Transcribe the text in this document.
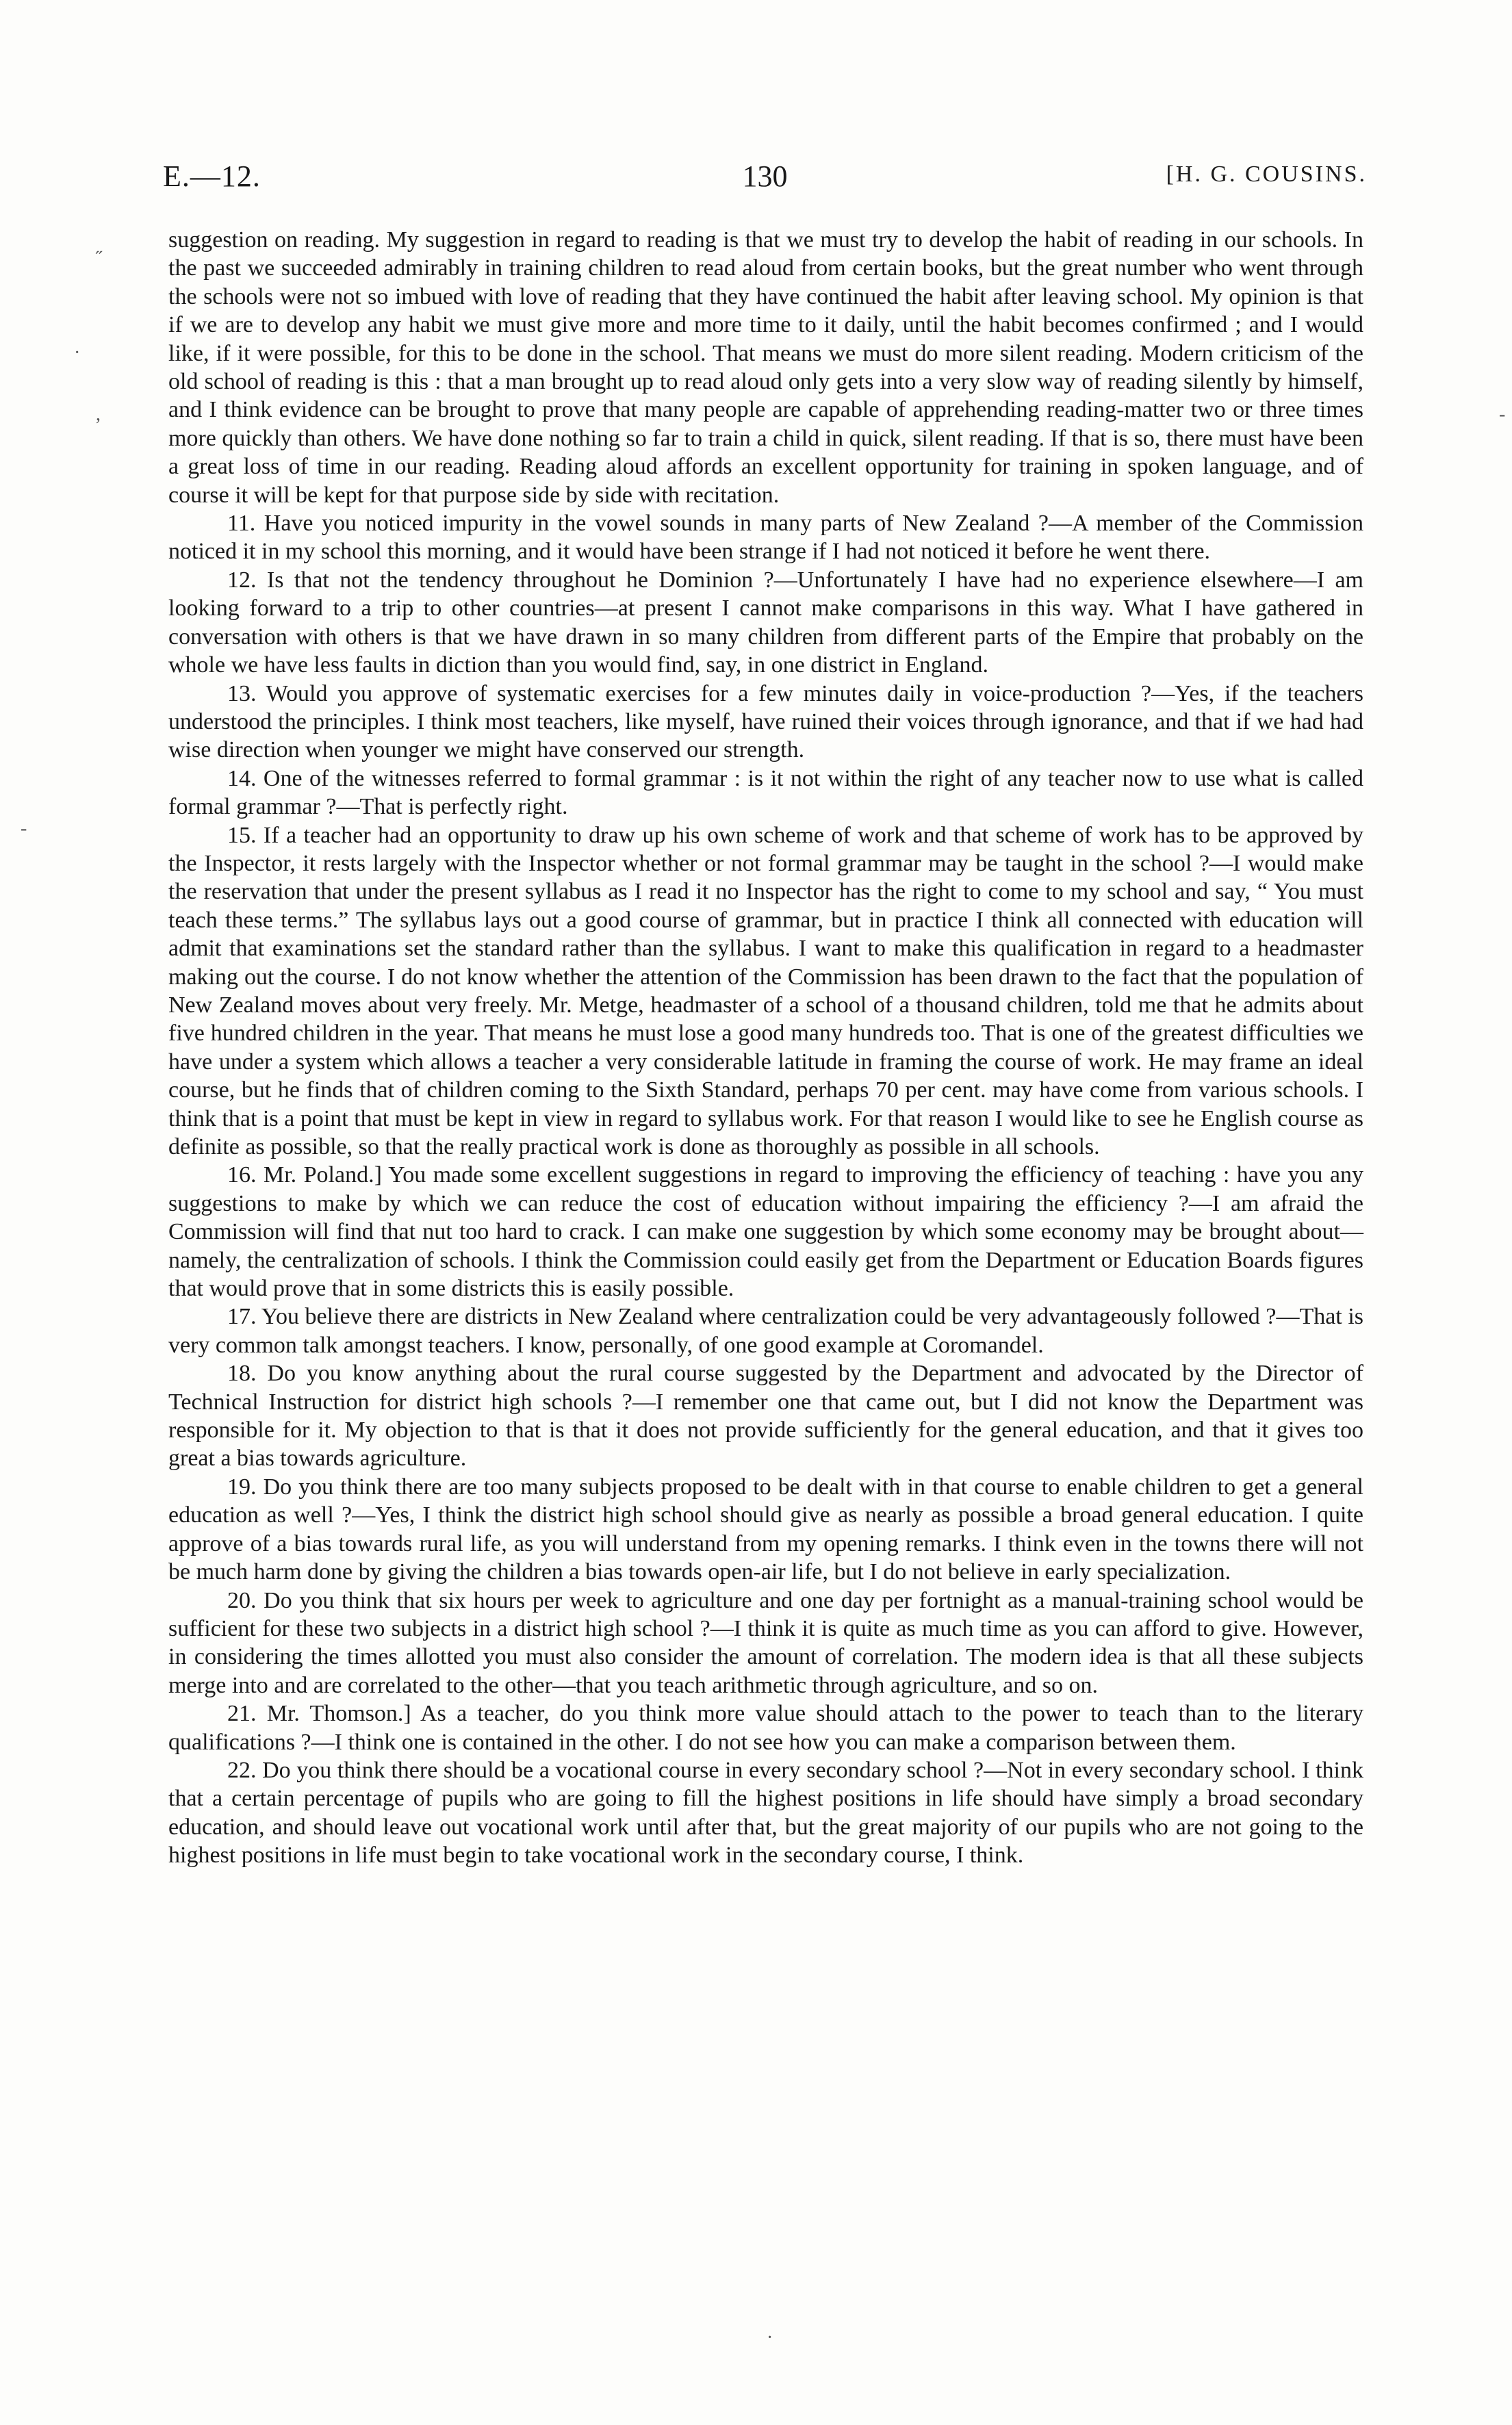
E.—12.	130	[H. G. COUSINS.

suggestion on reading. My suggestion in regard to reading is that we must try to develop the habit of reading in our schools. In the past we succeeded admirably in training children to read aloud from certain books, but the great number who went through the schools were not so imbued with love of reading that they have continued the habit after leaving school. My opinion is that if we are to develop any habit we must give more and more time to it daily, until the habit becomes confirmed ; and I would like, if it were possible, for this to be done in the school. That means we must do more silent reading. Modern criticism of the old school of reading is this : that a man brought up to read aloud only gets into a very slow way of reading silently by himself, and I think evidence can be brought to prove that many people are capable of apprehending reading-matter two or three times more quickly than others. We have done nothing so far to train a child in quick, silent reading. If that is so, there must have been a great loss of time in our reading. Reading aloud affords an excellent opportunity for training in spoken language, and of course it will be kept for that purpose side by side with recitation.

11. Have you noticed impurity in the vowel sounds in many parts of New Zealand ?—A member of the Commission noticed it in my school this morning, and it would have been strange if I had not noticed it before he went there.

12. Is that not the tendency throughout he Dominion ?—Unfortunately I have had no experience elsewhere—I am looking forward to a trip to other countries—at present I cannot make comparisons in this way. What I have gathered in conversation with others is that we have drawn in so many children from different parts of the Empire that probably on the whole we have less faults in diction than you would find, say, in one district in England.

13. Would you approve of systematic exercises for a few minutes daily in voice-production ?—Yes, if the teachers understood the principles. I think most teachers, like myself, have ruined their voices through ignorance, and that if we had had wise direction when younger we might have conserved our strength.

14. One of the witnesses referred to formal grammar : is it not within the right of any teacher now to use what is called formal grammar ?—That is perfectly right.

15. If a teacher had an opportunity to draw up his own scheme of work and that scheme of work has to be approved by the Inspector, it rests largely with the Inspector whether or not formal grammar may be taught in the school ?—I would make the reservation that under the present syllabus as I read it no Inspector has the right to come to my school and say, “ You must teach these terms.” The syllabus lays out a good course of grammar, but in practice I think all connected with education will admit that examinations set the standard rather than the syllabus. I want to make this qualification in regard to a headmaster making out the course. I do not know whether the attention of the Commission has been drawn to the fact that the population of New Zealand moves about very freely. Mr. Metge, headmaster of a school of a thousand children, told me that he admits about five hundred children in the year. That means he must lose a good many hundreds too. That is one of the greatest difficulties we have under a system which allows a teacher a very considerable latitude in framing the course of work. He may frame an ideal course, but he finds that of children coming to the Sixth Standard, perhaps 70 per cent. may have come from various schools. I think that is a point that must be kept in view in regard to syllabus work. For that reason I would like to see he English course as definite as possible, so that the really practical work is done as thoroughly as possible in all schools.

16. Mr. Poland.] You made some excellent suggestions in regard to improving the efficiency of teaching : have you any suggestions to make by which we can reduce the cost of education without impairing the efficiency ?—I am afraid the Commission will find that nut too hard to crack. I can make one suggestion by which some economy may be brought about—namely, the centralization of schools. I think the Commission could easily get from the Department or Education Boards figures that would prove that in some districts this is easily possible.

17. You believe there are districts in New Zealand where centralization could be very advantageously followed ?—That is very common talk amongst teachers. I know, personally, of one good example at Coromandel.

18. Do you know anything about the rural course suggested by the Department and advocated by the Director of Technical Instruction for district high schools ?—I remember one that came out, but I did not know the Department was responsible for it. My objection to that is that it does not provide sufficiently for the general education, and that it gives too great a bias towards agriculture.

19. Do you think there are too many subjects proposed to be dealt with in that course to enable children to get a general education as well ?—Yes, I think the district high school should give as nearly as possible a broad general education. I quite approve of a bias towards rural life, as you will understand from my opening remarks. I think even in the towns there will not be much harm done by giving the children a bias towards open-air life, but I do not believe in early specialization.

20. Do you think that six hours per week to agriculture and one day per fortnight as a manual-training school would be sufficient for these two subjects in a district high school ?—I think it is quite as much time as you can afford to give. However, in considering the times allotted you must also consider the amount of correlation. The modern idea is that all these subjects merge into and are correlated to the other—that you teach arithmetic through agriculture, and so on.

21. Mr. Thomson.] As a teacher, do you think more value should attach to the power to teach than to the literary qualifications ?—I think one is contained in the other. I do not see how you can make a comparison between them.

22. Do you think there should be a vocational course in every secondary school ?—Not in every secondary school. I think that a certain percentage of pupils who are going to fill the highest positions in life should have simply a broad secondary education, and should leave out vocational work until after that, but the great majority of our pupils who are not going to the highest positions in life must begin to take vocational work in the secondary course, I think.

˶
·
,	-
-
·
